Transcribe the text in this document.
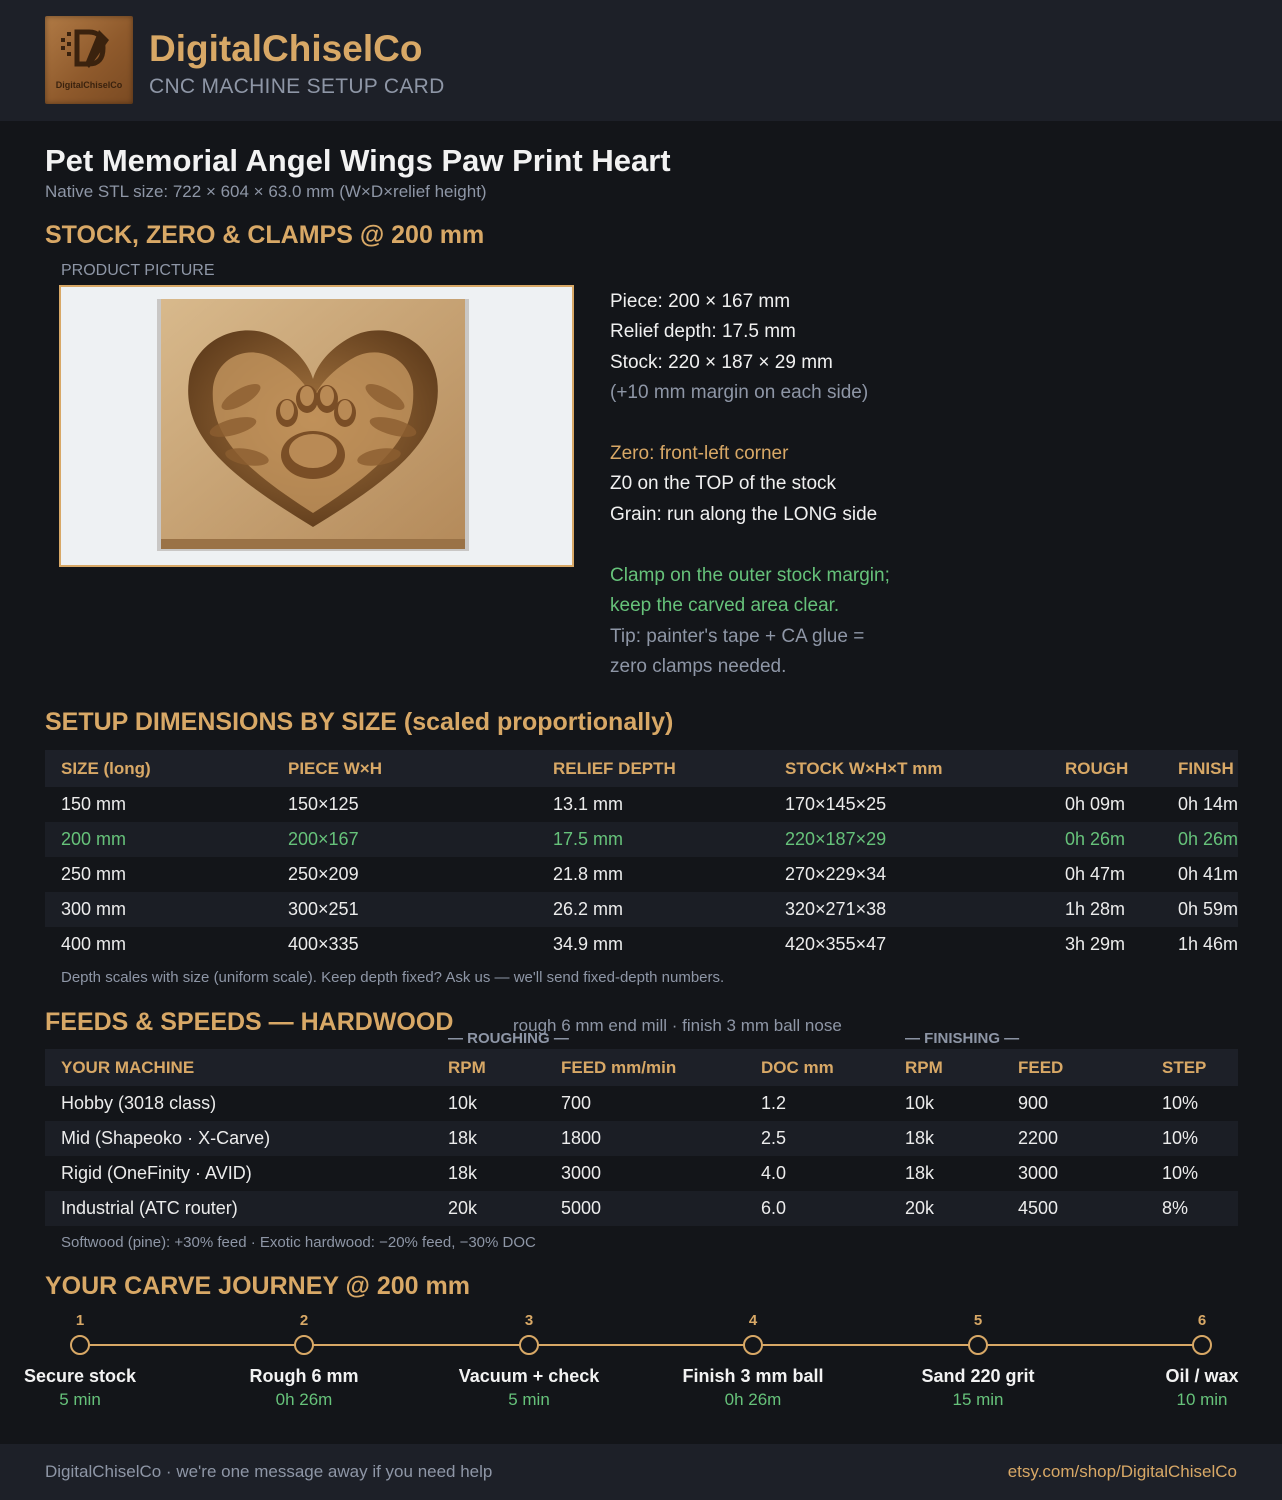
DigitalChiselCo
DigitalChiselCo
CNC MACHINE SETUP CARD
Pet Memorial Angel Wings Paw Print Heart
Native STL size: 722 × 604 × 63.0 mm (W×D×relief height)
STOCK, ZERO & CLAMPS @ 200 mm
PRODUCT PICTURE
Piece: 200 × 167 mm
Relief depth: 17.5 mm
Stock: 220 × 187 × 29 mm
(+10 mm margin on each side)
Zero: front-left corner
Z0 on the TOP of the stock
Grain: run along the LONG side
Clamp on the outer stock margin;
keep the carved area clear.
Tip: painter's tape + CA glue =
zero clamps needed.
SETUP DIMENSIONS BY SIZE (scaled proportionally)
SIZE (long)	PIECE W×H	RELIEF DEPTH	STOCK W×H×T mm	ROUGH	FINISH
150 mm	150×125	13.1 mm	170×145×25	0h 09m	0h 14m
200 mm	200×167	17.5 mm	220×187×29	0h 26m	0h 26m
250 mm	250×209	21.8 mm	270×229×34	0h 47m	0h 41m
300 mm	300×251	26.2 mm	320×271×38	1h 28m	0h 59m
400 mm	400×335	34.9 mm	420×355×47	3h 29m	1h 46m
Depth scales with size (uniform scale). Keep depth fixed? Ask us — we'll send fixed-depth numbers.
FEEDS & SPEEDS — HARDWOOD	rough 6 mm end mill · finish 3 mm ball nose
— ROUGHING —	— FINISHING —
YOUR MACHINE	RPM	FEED mm/min	DOC mm	RPM	FEED	STEP
Hobby (3018 class)	10k	700	1.2	10k	900	10%
Mid (Shapeoko · X-Carve)	18k	1800	2.5	18k	2200	10%
Rigid (OneFinity · AVID)	18k	3000	4.0	18k	3000	10%
Industrial (ATC router)	20k	5000	6.0	20k	4500	8%
Softwood (pine): +30% feed · Exotic hardwood: −20% feed, −30% DOC
YOUR CARVE JOURNEY @ 200 mm
1
Secure stock
5 min
2
Rough 6 mm
0h 26m
3
Vacuum + check
5 min
4
Finish 3 mm ball
0h 26m
5
Sand 220 grit
15 min
6
Oil / wax
10 min
DigitalChiselCo · we're one message away if you need help	etsy.com/shop/DigitalChiselCo
